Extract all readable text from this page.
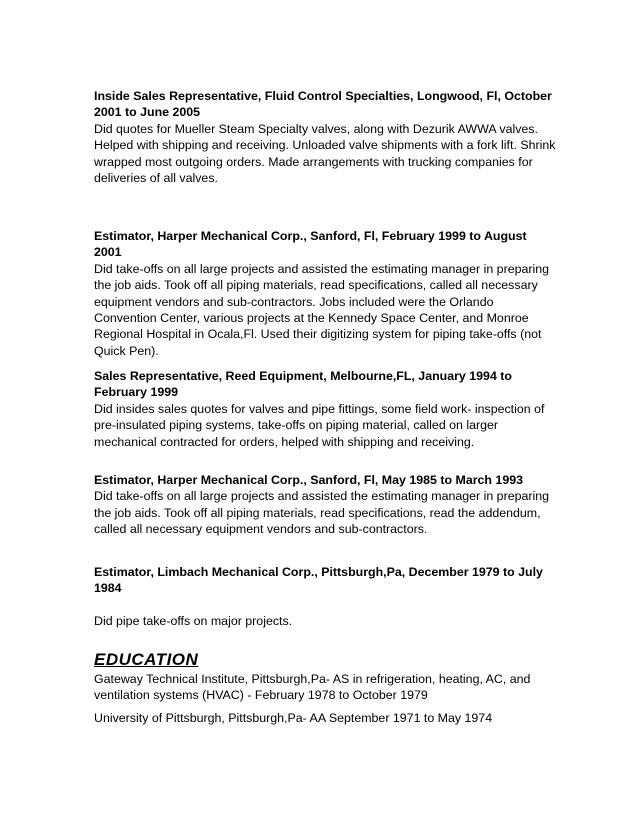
Inside Sales Representative, Fluid Control Specialties, Longwood, Fl, October 2001 to June 2005

Did quotes for Mueller Steam Specialty valves, along with Dezurik AWWA valves. Helped with shipping and receiving. Unloaded valve shipments with a fork lift. Shrink wrapped most outgoing orders. Made arrangements with trucking companies for deliveries of all valves.

Estimator, Harper Mechanical Corp., Sanford, Fl, February 1999 to August 2001

Did take-offs on all large projects and assisted the estimating manager in preparing the job aids. Took off all piping materials, read specifications, called all necessary equipment vendors and sub-contractors. Jobs included were the Orlando Convention Center, various projects at the Kennedy Space Center, and Monroe Regional Hospital in Ocala,Fl. Used their digitizing system for piping take-offs (not Quick Pen).

Sales Representative, Reed Equipment, Melbourne,FL, January 1994 to February 1999

Did insides sales quotes for valves and pipe fittings, some field work- inspection of pre-insulated piping systems, take-offs on piping material, called on larger mechanical contracted for orders, helped with shipping and receiving.

Estimator, Harper Mechanical Corp., Sanford, Fl, May 1985 to March 1993

Did take-offs on all large projects and assisted the estimating manager in preparing the job aids. Took off all piping materials, read specifications, read the addendum, called all necessary equipment vendors and sub-contractors.

Estimator, Limbach Mechanical Corp., Pittsburgh,Pa, December 1979 to July 1984

Did pipe take-offs on major projects.

EDUCATION

Gateway Technical Institute, Pittsburgh,Pa- AS in refrigeration, heating, AC, and ventilation systems (HVAC) - February 1978 to October 1979

University of Pittsburgh, Pittsburgh,Pa- AA September 1971 to May 1974
